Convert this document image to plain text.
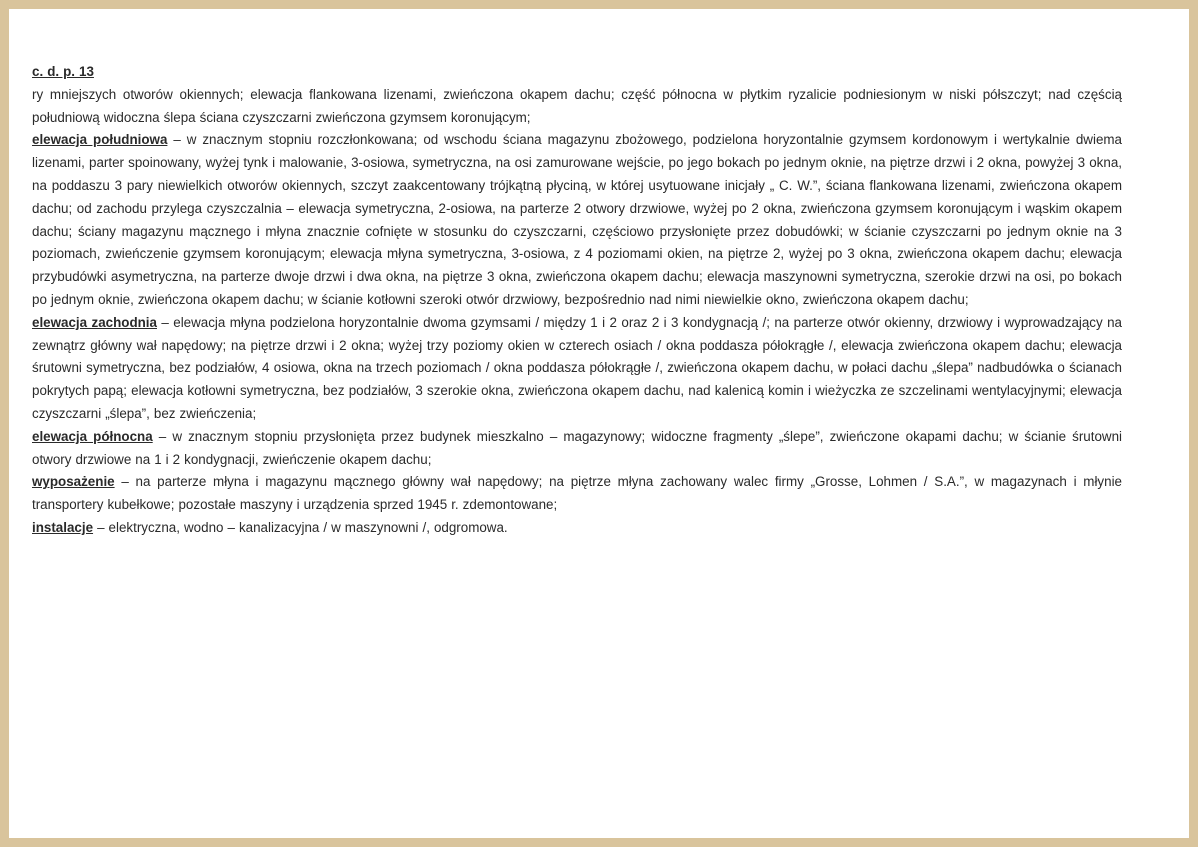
c. d. p. 13

ry mniejszych otworów okiennych; elewacja flankowana lizenami, zwieńczona okapem dachu; część północna w płytkim ryzalicie podniesionym w niski półszczyt; nad częścią południową widoczna ślepa ściana czyszczarni zwieńczona gzymsem koronującym;

elewacja południowa – w znacznym stopniu rozczłonkowana; od wschodu ściana magazynu zbożowego, podzielona horyzontalnie gzymsem kordonowym i wertykalnie dwiema lizenami, parter spoinowany, wyżej tynk i malowanie, 3-osiowa, symetryczna, na osi zamurowane wejście, po jego bokach po jednym oknie, na piętrze drzwi i 2 okna, powyżej 3 okna, na poddaszu 3 pary niewielkich otworów okiennych, szczyt zaakcentowany trójkątną płyciną, w której usytuowane inicjały „ C. W.”, ściana flankowana lizenami, zwieńczona okapem dachu; od zachodu przylega czyszczalnia – elewacja symetryczna, 2-osiowa, na parterze 2 otwory drzwiowe, wyżej po 2 okna, zwieńczona gzymsem koronującym i wąskim okapem dachu; ściany magazynu mącznego i młyna znacznie cofnięte w stosunku do czyszczarni, częściowo przysłonięte przez dobudówki; w ścianie czyszczarni po jednym oknie na 3 poziomach, zwieńczenie gzymsem koronującym; elewacja młyna symetryczna, 3-osiowa, z 4 poziomami okien, na piętrze 2, wyżej po 3 okna, zwieńczona okapem dachu; elewacja przybudówki asymetryczna, na parterze dwoje drzwi i dwa okna, na piętrze 3 okna, zwieńczona okapem dachu; elewacja maszynowni symetryczna, szerokie drzwi na osi, po bokach po jednym oknie, zwieńczona okapem dachu; w ścianie kotłowni szeroki otwór drzwiowy, bezpośrednio nad nimi niewielkie okno, zwieńczona okapem dachu;

elewacja zachodnia – elewacja młyna podzielona horyzontalnie dwoma gzymsami / między 1 i 2 oraz 2 i 3 kondygnacją /; na parterze otwór okienny, drzwiowy i wyprowadzający na zewnątrz główny wał napędowy; na piętrze drzwi i 2 okna; wyżej trzy poziomy okien w czterech osiach / okna poddasza półokrągłe /, elewacja zwieńczona okapem dachu; elewacja śrutowni symetryczna, bez podziałów, 4 osiowa, okna na trzech poziomach / okna poddasza półokrągłe /, zwieńczona okapem dachu, w połaci dachu „ślepa” nadbudówka o ścianach pokrytych papą; elewacja kotłowni symetryczna, bez podziałów, 3 szerokie okna, zwieńczona okapem dachu, nad kalenicą komin i wieżyczka ze szczelinami wentylacyjnymi; elewacja czyszczarni „ślepa”, bez zwieńczenia;

elewacja północna – w znacznym stopniu przysłonięta przez budynek mieszkalno – magazynowy; widoczne fragmenty „ślepe”, zwieńczone okapami dachu; w ścianie śrutowni otwory drzwiowe na 1 i 2 kondygnacji, zwieńczenie okapem dachu;

wyposażenie – na parterze młyna i magazynu mącznego główny wał napędowy; na piętrze młyna zachowany walec firmy „Grosse, Lohmen / S.A.”, w magazynach i młynie transportery kubełkowe; pozostałe maszyny i urządzenia sprzed 1945 r. zdemontowane;

instalacje – elektryczna, wodno – kanalizacyjna / w maszynowni /, odgromowa.
